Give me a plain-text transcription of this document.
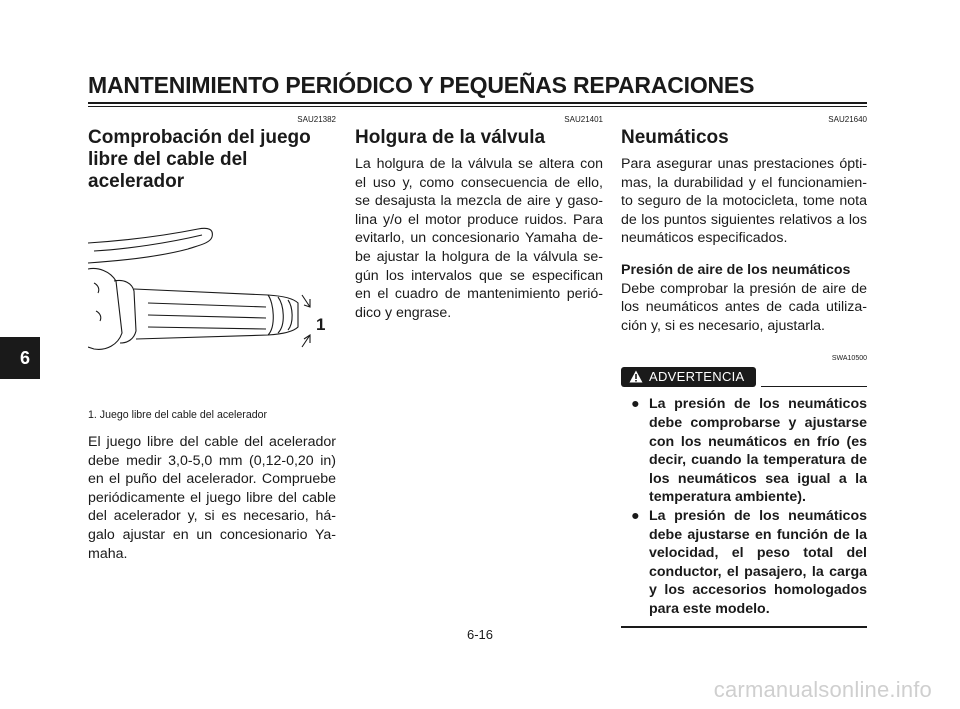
MANTENIMIENTO PERIÓDICO Y PEQUEÑAS REPARACIONES
6
SAU21382
Comprobación del juego libre del cable del acelerador
1
1. Juego libre del cable del acelerador

El juego libre del cable del acelerador debe medir 3,0-5,0 mm (0,12-0,20 in) en el puño del acelerador. Compruebe periódicamente el juego libre del cable del acelerador y, si es necesario, há-galo ajustar en un concesionario Ya-maha.

SAU21401
Holgura de la válvula

La holgura de la válvula se altera con el uso y, como consecuencia de ello, se desajusta la mezcla de aire y gaso-lina y/o el motor produce ruidos. Para evitarlo, un concesionario Yamaha de-be ajustar la holgura de la válvula se-gún los intervalos que se especifican en el cuadro de mantenimiento perió-dico y engrase.

SAU21640
Neumáticos

Para asegurar unas prestaciones ópti-mas, la durabilidad y el funcionamien-to seguro de la motocicleta, tome nota de los puntos siguientes relativos a los neumáticos especificados.

Presión de aire de los neumáticos

Debe comprobar la presión de aire de los neumáticos antes de cada utiliza-ción y, si es necesario, ajustarla.

SWA10500
ADVERTENCIA
● La presión de los neumáticos debe comprobarse y ajustarse con los neumáticos en frío (es decir, cuando la temperatura de los neumáticos sea igual a la temperatura ambiente).
● La presión de los neumáticos debe ajustarse en función de la velocidad, el peso total del conductor, el pasajero, la carga y los accesorios homologados para este modelo.
6-16
carmanualsonline.info
